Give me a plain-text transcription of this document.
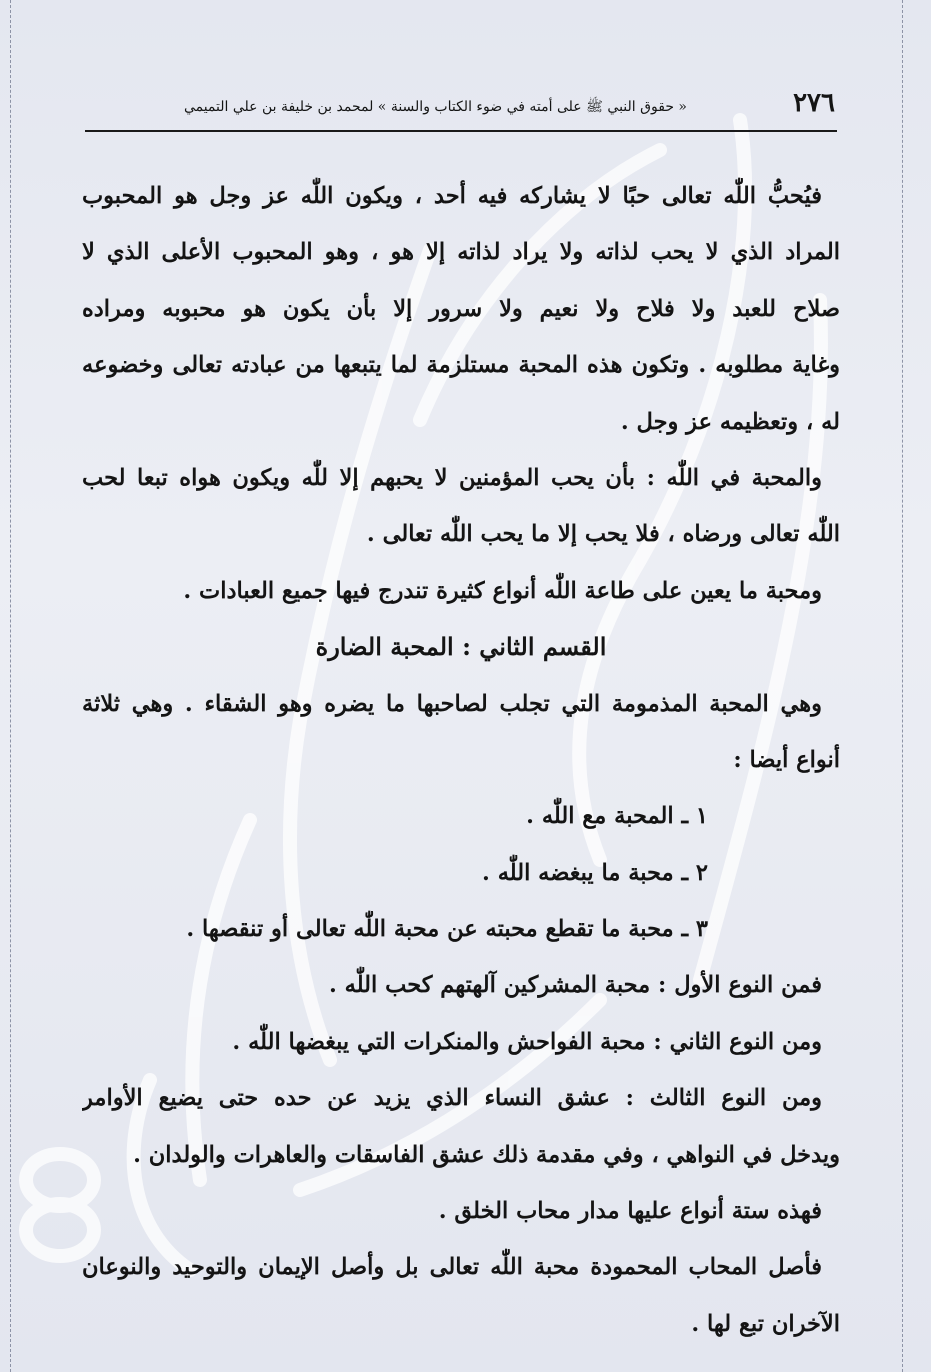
٢٧٦
« حقوق النبي ﷺ على أمته في ضوء الكتاب والسنة » لمحمد بن خليفة بن علي التميمي
فيُحبُّ اللّٰه تعالى حبًا لا يشاركه فيه أحد ، ويكون اللّٰه عز وجل هو المحبوب
المراد الذي لا يحب لذاته ولا يراد لذاته إلا هو ، وهو المحبوب الأعلى الذي لا
صلاح للعبد ولا فلاح ولا نعيم ولا سرور إلا بأن يكون هو محبوبه ومراده
وغاية مطلوبه . وتكون هذه المحبة مستلزمة لما يتبعها من عبادته تعالى وخضوعه
له ، وتعظيمه عز وجل .
والمحبة في اللّٰه : بأن يحب المؤمنين لا يحبهم إلا للّٰه ويكون هواه تبعا لحب
اللّٰه تعالى ورضاه ، فلا يحب إلا ما يحب اللّٰه تعالى .
ومحبة ما يعين على طاعة اللّٰه أنواع كثيرة تندرج فيها جميع العبادات .
القسم الثاني : المحبة الضارة
وهي المحبة المذمومة التي تجلب لصاحبها ما يضره وهو الشقاء . وهي ثلاثة
أنواع أيضا :
١ ـ المحبة مع اللّٰه .
٢ ـ محبة ما يبغضه اللّٰه .
٣ ـ محبة ما تقطع محبته عن محبة اللّٰه تعالى أو تنقصها .
فمن النوع الأول : محبة المشركين آلهتهم كحب اللّٰه .
ومن النوع الثاني : محبة الفواحش والمنكرات التي يبغضها اللّٰه .
ومن النوع الثالث : عشق النساء الذي يزيد عن حده حتى يضيع الأوامر
ويدخل في النواهي ، وفي مقدمة ذلك عشق الفاسقات والعاهرات والولدان .
فهذه ستة أنواع عليها مدار محاب الخلق .
فأصل المحاب المحمودة محبة اللّٰه تعالى بل وأصل الإيمان والتوحيد والنوعان
الآخران تبع لها .
